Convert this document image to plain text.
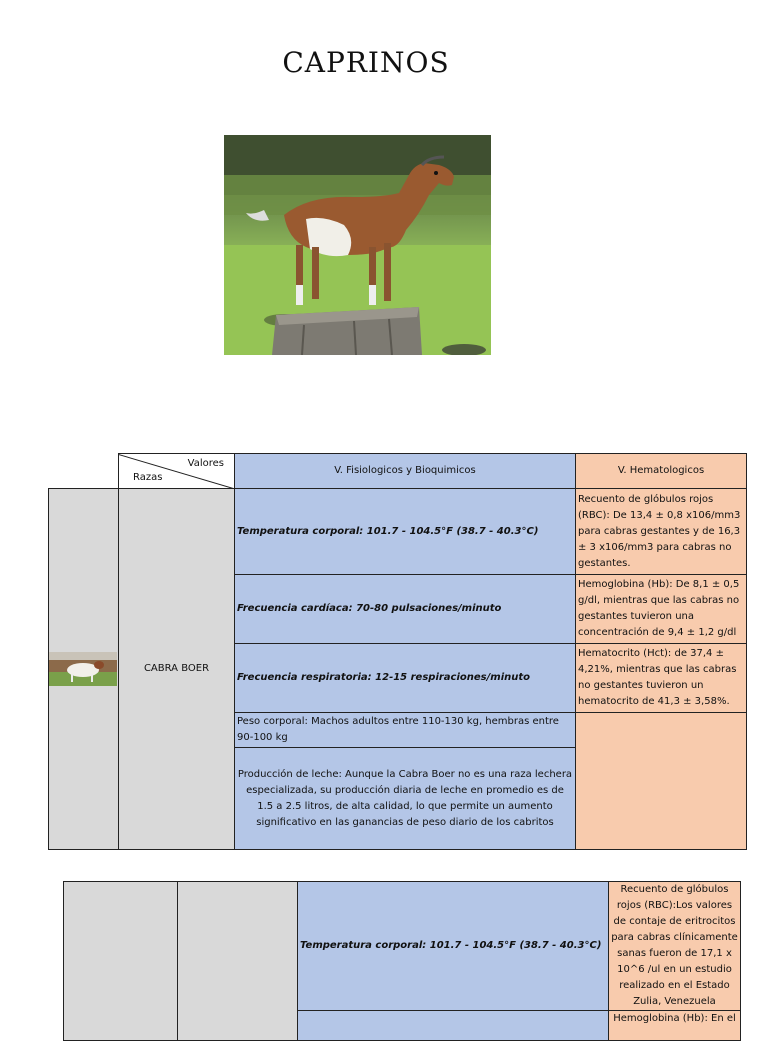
CAPRINOS

	Valores
Razas	V. Fisiologicos y Bioquimicos	V. Hematologicos

	CABRA BOER	Temperatura corporal: 101.7 - 104.5°F (38.7 - 40.3°C)	Recuento de glóbulos rojos (RBC): De 13,4 ± 0,8 x106/mm3 para cabras gestantes y de 16,3 ± 3 x106/mm3 para cabras no gestantes.
		Frecuencia cardíaca: 70-80 pulsaciones/minuto	Hemoglobina (Hb): De 8,1 ± 0,5 g/dl, mientras que las cabras no gestantes tuvieron una concentración de 9,4 ± 1,2 g/dl
		Frecuencia respiratoria: 12-15 respiraciones/minuto	Hematocrito (Hct): de 37,4 ± 4,21%, mientras que las cabras no gestantes tuvieron un hematocrito de 41,3 ± 3,58%.
		Peso corporal: Machos adultos entre 110-130 kg, hembras entre 90-100 kg	
		Producción de leche: Aunque la Cabra Boer no es una raza lechera especializada, su producción diaria de leche en promedio es de 1.5 a 2.5 litros, de alta calidad, lo que permite un aumento significativo en las ganancias de peso diario de los cabritos	
		Temperatura corporal: 101.7 - 104.5°F (38.7 - 40.3°C)	Recuento de glóbulos rojos (RBC):Los valores de contaje de eritrocitos para cabras clínicamente sanas fueron de 17,1 x 10^6 /ul en un estudio realizado en el Estado Zulia, Venezuela
			Hemoglobina (Hb): En el
